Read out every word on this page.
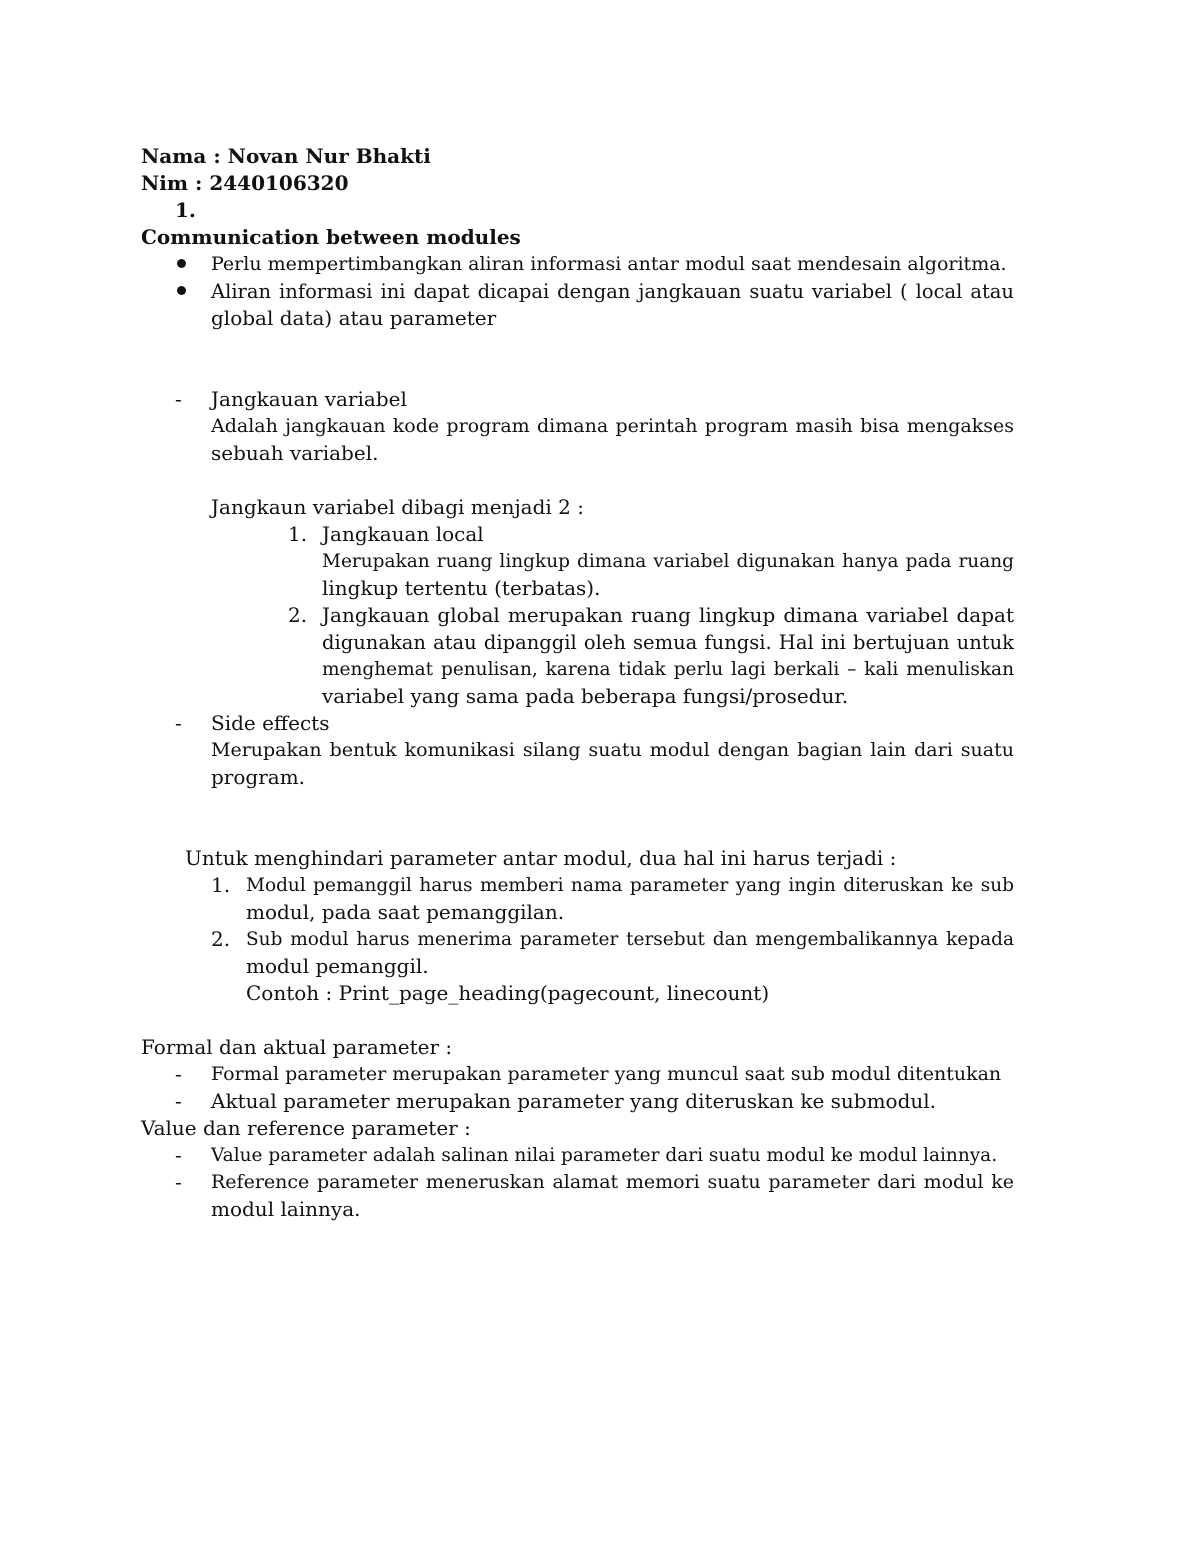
Nama : Novan Nur Bhakti
Nim : 2440106320
1.
Communication between modules
Perlu mempertimbangkan aliran informasi antar modul saat mendesain algoritma.
Aliran informasi ini dapat dicapai dengan jangkauan suatu variabel ( local atau
global data) atau parameter
- Jangkauan variabel
Adalah jangkauan kode program dimana perintah program masih bisa mengakses
sebuah variabel.
Jangkaun variabel dibagi menjadi 2 :
1. Jangkauan local
Merupakan ruang lingkup dimana variabel digunakan hanya pada ruang
lingkup tertentu (terbatas).
2. Jangkauan global merupakan ruang lingkup dimana variabel dapat
digunakan atau dipanggil oleh semua fungsi. Hal ini bertujuan untuk
menghemat penulisan, karena tidak perlu lagi berkali – kali menuliskan
variabel yang sama pada beberapa fungsi/prosedur.
- Side effects
Merupakan bentuk komunikasi silang suatu modul dengan bagian lain dari suatu
program.
Untuk menghindari parameter antar modul, dua hal ini harus terjadi :
1. Modul pemanggil harus memberi nama parameter yang ingin diteruskan ke sub
modul, pada saat pemanggilan.
2. Sub modul harus menerima parameter tersebut dan mengembalikannya kepada
modul pemanggil.
Contoh : Print_page_heading(pagecount, linecount)
Formal dan aktual parameter :
- Formal parameter merupakan parameter yang muncul saat sub modul ditentukan
- Aktual parameter merupakan parameter yang diteruskan ke submodul.
Value dan reference parameter :
- Value parameter adalah salinan nilai parameter dari suatu modul ke modul lainnya.
- Reference parameter meneruskan alamat memori suatu parameter dari modul ke
modul lainnya.
